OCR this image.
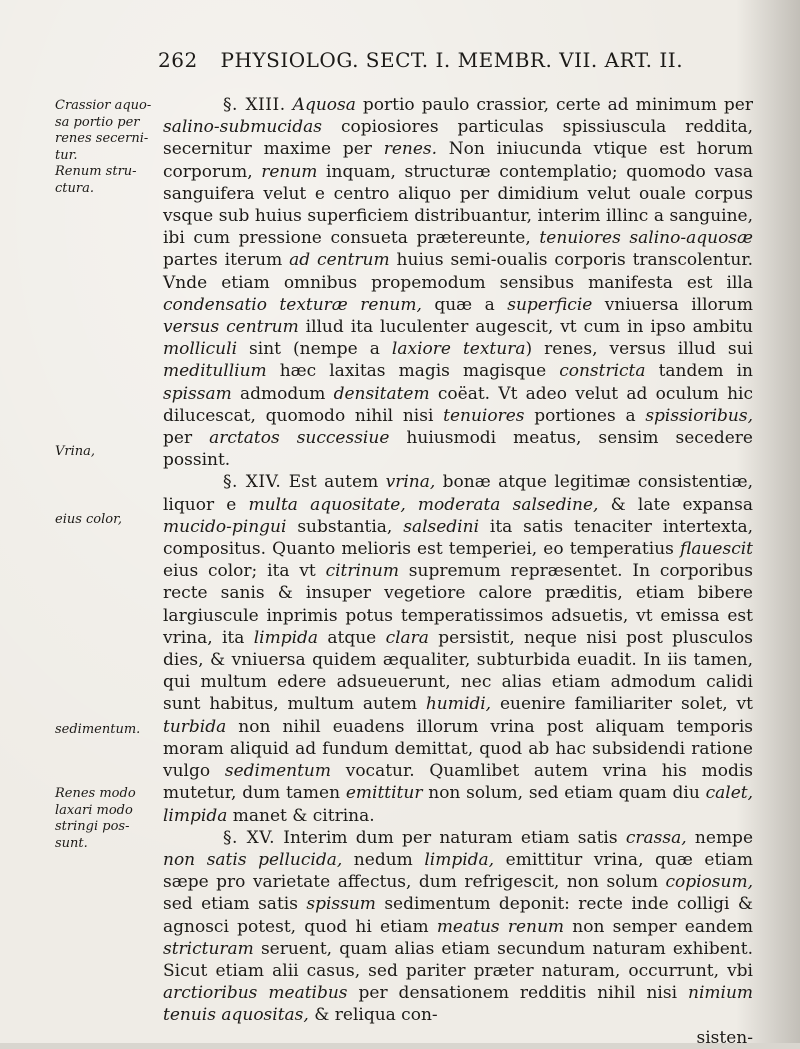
262 PHYSIOLOG. SECT. I. MEMBR. VII. ART. II.
Crassior aquo-
sa portio per
renes secerni-
tur.
Renum stru-
ctura.
Vrina,
eius color,
sedimentum.
Renes modo
laxari modo
stringi pos-
sunt.

§. XIII. Aquosa portio paulo crassior, certe ad minimum per salino-submucidas copiosiores particulas spissiuscula reddita, secernitur maxime per renes. Non iniucunda vtique est horum corporum, renum inquam, structuræ contemplatio; quomodo vasa sanguifera velut e centro aliquo per dimidium velut ouale corpus vsque sub huius superficiem distribuantur, interim illinc a sanguine, ibi cum pressione consueta prætereunte, tenuiores salino-aquosæ partes iterum ad centrum huius semi-oualis corporis transcolentur. Vnde etiam omnibus propemodum sensibus manifesta est illa condensatio texturæ renum, quæ a superficie vniuersa illorum versus centrum illud ita luculenter augescit, vt cum in ipso ambitu molliculi sint (nempe a laxiore textura) renes, versus illud sui meditullium hæc laxitas magis magisque constricta tandem in spissam admodum densitatem coëat. Vt adeo velut ad oculum hic dilucescat, quomodo nihil nisi tenuiores portiones a spissioribus, per arctatos successiue huiusmodi meatus, sensim secedere possint.

§. XIV. Est autem vrina, bonæ atque legitimæ consistentiæ, liquor e multa aquositate, moderata salsedine, & late expansa mucido-pingui substantia, salsedini ita satis tenaciter intertexta, compositus. Quanto melioris est temperiei, eo temperatius flauescit eius color; ita vt citrinum supremum repræsentet. In corporibus recte sanis & insuper vegetiore calore præditis, etiam bibere largiuscule inprimis potus temperatissimos adsuetis, vt emissa est vrina, ita limpida atque clara persistit, neque nisi post plusculos dies, & vniuersa quidem æqualiter, subturbida euadit. In iis tamen, qui multum edere adsueuerunt, nec alias etiam admodum calidi sunt habitus, multum autem humidi, euenire familiariter solet, vt turbida non nihil euadens illorum vrina post aliquam temporis moram aliquid ad fundum demittat, quod ab hac subsidendi ratione vulgo sedimentum vocatur. Quamlibet autem vrina his modis mutetur, dum tamen emittitur non solum, sed etiam quam diu calet, limpida manet & citrina.

§. XV. Interim dum per naturam etiam satis crassa, nempe non satis pellucida, nedum limpida, emittitur vrina, quæ etiam sæpe pro varietate affectus, dum refrigescit, non solum copiosum, sed etiam satis spissum sedimentum deponit: recte inde colligi & agnosci potest, quod hi etiam meatus renum non semper eandem stricturam seruent, quam alias etiam secundum naturam exhibent. Sicut etiam alii casus, sed pariter præter naturam, occurrunt, vbi arctioribus meatibus per densationem redditis nihil nisi nimium tenuis aquositas, & reliqua con-

sisten-
